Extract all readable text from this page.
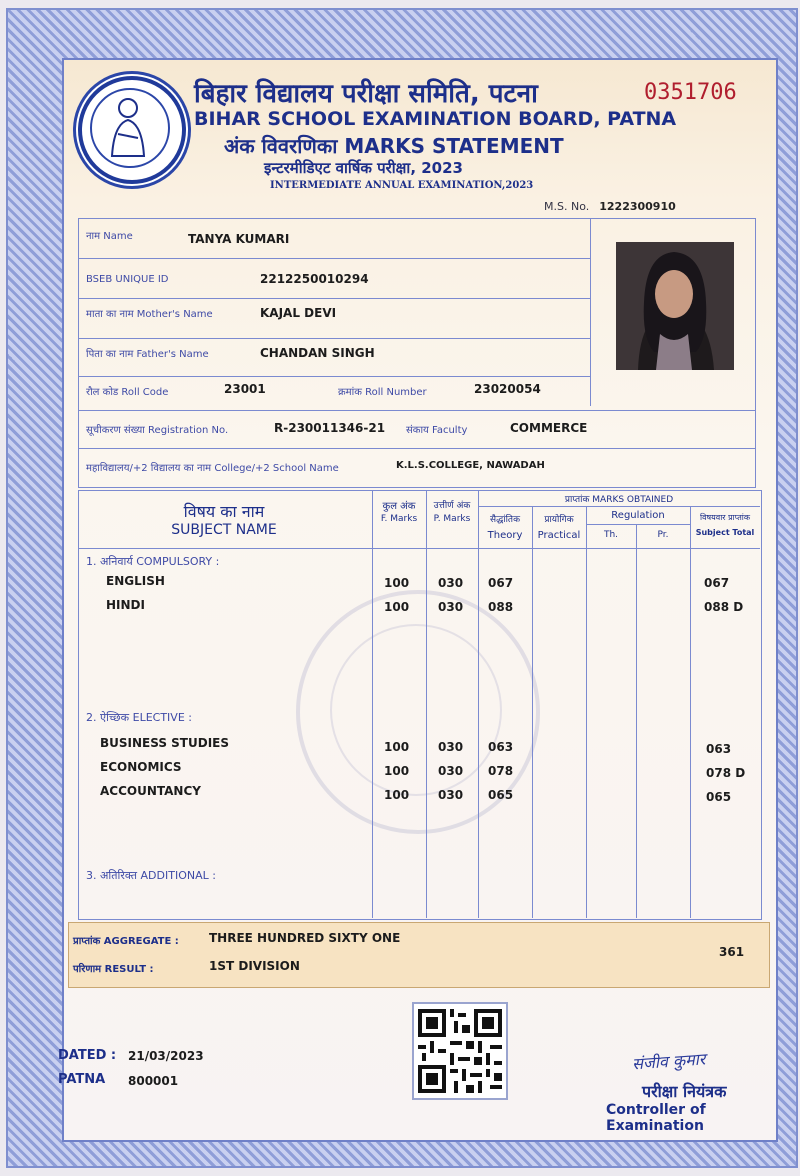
बिहार विद्यालय परीक्षा समिति, पटना	0351706
BIHAR SCHOOL EXAMINATION BOARD, PATNA
अंक विवरणिका MARKS STATEMENT
इन्टरमीडिएट वार्षिक परीक्षा, 2023
INTERMEDIATE ANNUAL EXAMINATION,2023
M.S. No. 1222300910
नाम Name	TANYA KUMARI
BSEB UNIQUE ID	2212250010294
माता का नाम Mother's Name	KAJAL DEVI
पिता का नाम Father's Name	CHANDAN SINGH
रौल कोड Roll Code	23001	क्रमांक Roll Number	23020054
सूचीकरण संख्या Registration No.	R-230011346-21 संकाय Faculty	COMMERCE
महाविद्यालय/+2 विद्यालय का नाम College/+2 School Name	K.L.S.COLLEGE, NAWADAH
विषय का नाम
SUBJECT NAME
कुल अंक
F. Marks
उत्तीर्ण अंक
P. Marks
प्राप्तांक MARKS OBTAINED
सैद्धांतिक
Theory
प्रायोगिक
Practical
Regulation
Th.	Pr.
विषयवार प्राप्तांक
Subject Total
1. अनिवार्य COMPULSORY :
2. ऐच्छिक ELECTIVE :
3. अतिरिक्त ADDITIONAL :
ENGLISH	100 030 067	067
HINDI	100 030 088	088 D
BUSINESS STUDIES	100 030 063	063
ECONOMICS	100 030 078	078 D
ACCOUNTANCY	100 030 065	065
प्राप्तांक AGGREGATE :	THREE HUNDRED SIXTY ONE
361
परिणाम RESULT :	1ST DIVISION
DATED : 21/03/2023
PATNA 800001
संजीव कुमार
परीक्षा नियंत्रक
Controller of Examination
